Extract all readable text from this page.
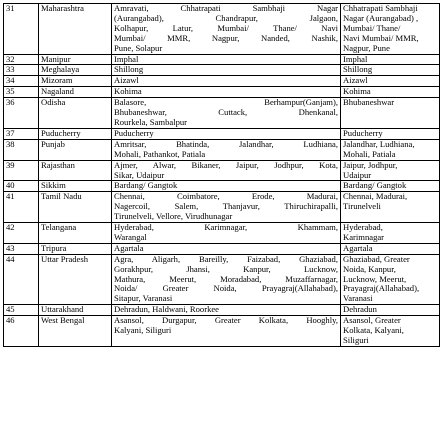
31	Maharashtra	Amravati, Chhatrapati Sambhaji Nagar
(Aurangabad), Chandrapur, Jalgaon,
Kolhapur, Latur, Mumbai/ Thane/ Navi
Mumbai/ MMR, Nagpur, Nanded, Nashik,
Pune, Solapur	Chhatrapati Sambhaji
Nagar (Aurangabad) ,
Mumbai/ Thane/
Navi Mumbai/ MMR,
Nagpur, Pune

32	Manipur	Imphal	Imphal

33	Meghalaya	Shillong	Shillong

34	Mizoram	Aizawl	Aizawl

35	Nagaland	Kohima	Kohima

36	Odisha	Balasore, Berhampur(Ganjam),
Bhubaneshwar, Cuttack, Dhenkanal,
Rourkela, Sambalpur	Bhubaneshwar

37	Puducherry	Puducherry	Puducherry

38	Punjab	Amritsar, Bhatinda, Jalandhar, Ludhiana,
Mohali, Pathankot, Patiala	Jalandhar, Ludhiana,
Mohali, Patiala

39	Rajasthan	Ajmer, Alwar, Bikaner, Jaipur, Jodhpur, Kota,
Sikar, Udaipur	Jaipur, Jodhpur,
Udaipur

40	Sikkim	Bardang/ Gangtok	Bardang/ Gangtok

41	Tamil Nadu	Chennai, Coimbatore, Erode, Madurai,
Nagercoil, Salem, Thanjavur, Thiruchirapalli,
Tirunelveli, Vellore, Virudhunagar	Chennai, Madurai,
Tirunelveli

42	Telangana	Hyderabad, Karimnagar, Khammam,
Warangal	Hyderabad,
Karimnagar

43	Tripura	Agartala	Agartala

44	Uttar Pradesh	Agra, Aligarh, Bareilly, Faizabad, Ghaziabad,
Gorakhpur, Jhansi, Kanpur, Lucknow,
Mathura, Meerut, Moradabad, Muzaffarnagar,
Noida/ Greater Noida, Prayagraj(Allahabad),
Sitapur, Varanasi	Ghaziabad, Greater
Noida, Kanpur,
Lucknow, Meerut,
Prayagraj(Allahabad),
Varanasi

45	Uttarakhand	Dehradun, Haldwani, Roorkee	Dehradun

46	West Bengal	Asansol, Durgapur, Greater Kolkata, Hooghly,
Kalyani, Siliguri	Asansol, Greater
Kolkata, Kalyani,
Siliguri
